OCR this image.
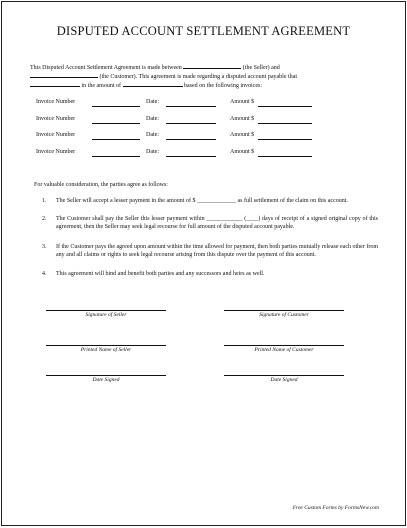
DISPUTED ACCOUNT SETTLEMENT AGREEMENT
This Disputed Account Settlement Agreement is made between	(the Seller) and
(the Customer). This agreement is made regarding a disputed account payable that
in the amount of	based on the following invoices:
Invoice Number	Date:	Amount $
Invoice Number	Date:	Amount $
Invoice Number	Date:	Amount $
Invoice Number	Date:	Amount $
For valuable consideration, the parties agree as follows:
1. The Seller will accept a lesser payment in the amount of $ _____________ as full settlement of the claim on this account.
2. The Customer shall pay the Seller this lesser payment within ____________ (____) days of receipt of a signed original copy of this agreement, then the Seller may seek legal recourse for full amount of the disputed account payable.
3. If the Customer pays the agreed upon amount within the time allowed for payment, then both parties mutually release each other from any and all claims or rights to seek legal recourse arising from this dispute over the payment of this account.
4. This agreement will bind and benefit both parties and any successors and heirs as well.
Signature of Seller	Signature of Customer
Printed Name of Seller	Printed Name of Customer
Date Signed	Date Signed
Free Custom Forms by FormsNew.com
